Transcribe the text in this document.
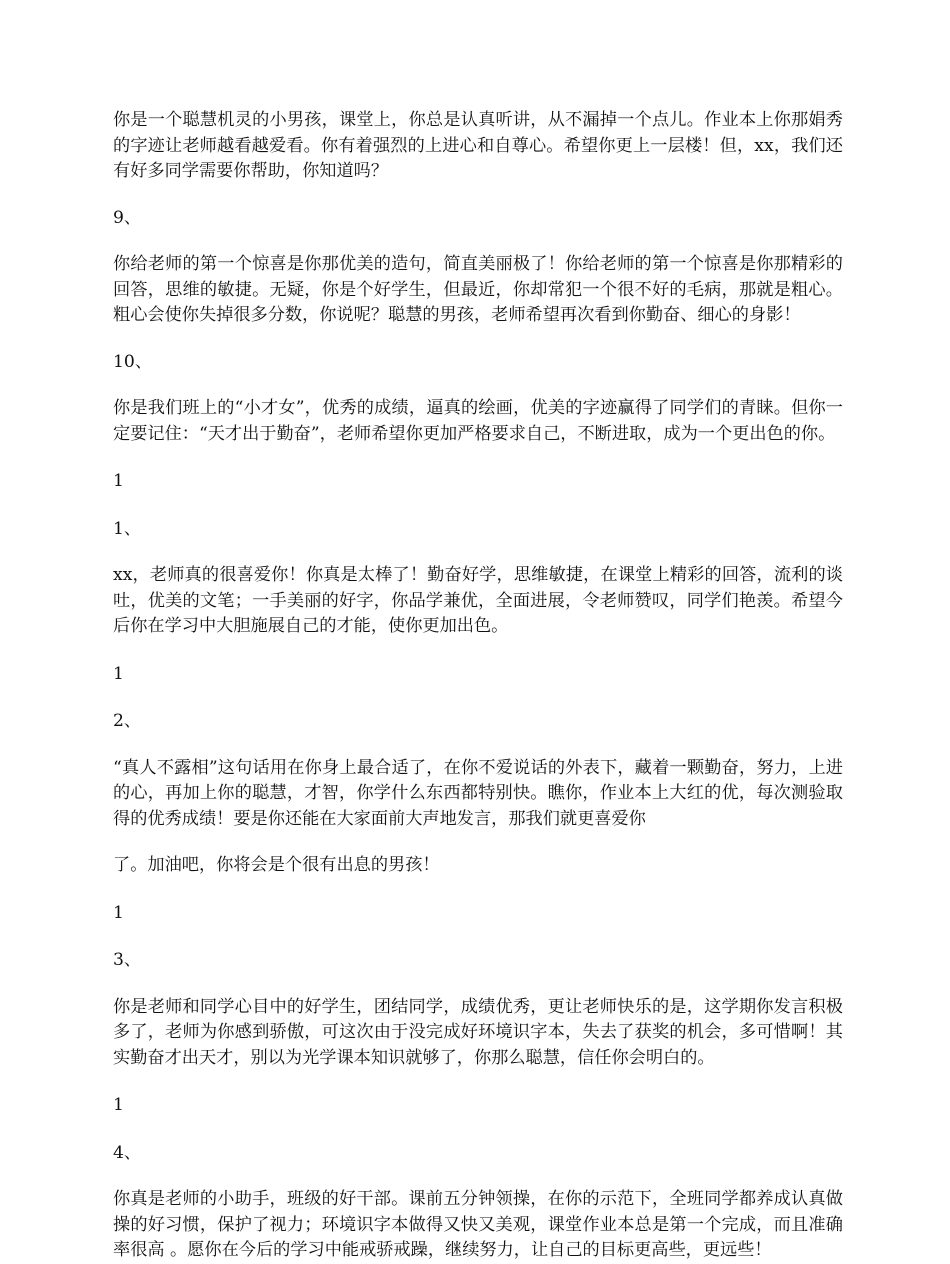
你是一个聪慧机灵的小男孩，课堂上，你总是认真听讲，从不漏掉一个点儿。作业本上你那娟秀的字迹让老师越看越爱看。你有着强烈的上进心和自尊心。希望你更上一层楼！但，xx，我们还有好多同学需要你帮助，你知道吗？

9、

你给老师的第一个惊喜是你那优美的造句，简直美丽极了！你给老师的第一个惊喜是你那精彩的回答，思维的敏捷。无疑，你是个好学生，但最近，你却常犯一个很不好的毛病，那就是粗心。粗心会使你失掉很多分数，你说呢？聪慧的男孩，老师希望再次看到你勤奋、细心的身影！

10、

你是我们班上的“小才女”，优秀的成绩，逼真的绘画，优美的字迹赢得了同学们的青睐。但你一定要记住：“天才出于勤奋”，老师希望你更加严格要求自己，不断进取，成为一个更出色的你。

1

1、

xx，老师真的很喜爱你！你真是太棒了！勤奋好学，思维敏捷，在课堂上精彩的回答，流利的谈吐，优美的文笔；一手美丽的好字，你品学兼优，全面进展，令老师赞叹，同学们艳羡。希望今后你在学习中大胆施展自己的才能，使你更加出色。

1

2、

“真人不露相”这句话用在你身上最合适了，在你不爱说话的外表下，藏着一颗勤奋，努力，上进的心，再加上你的聪慧，才智，你学什么东西都特别快。瞧你，作业本上大红的优，每次测验取得的优秀成绩！要是你还能在大家面前大声地发言，那我们就更喜爱你

了。加油吧，你将会是个很有出息的男孩！

1

3、

你是老师和同学心目中的好学生，团结同学，成绩优秀，更让老师快乐的是，这学期你发言积极多了，老师为你感到骄傲，可这次由于没完成好环境识字本，失去了获奖的机会，多可惜啊！其实勤奋才出天才，别以为光学课本知识就够了，你那么聪慧，信任你会明白的。

1

4、

你真是老师的小助手，班级的好干部。课前五分钟领操，在你的示范下，全班同学都养成认真做操的好习惯，保护了视力；环境识字本做得又快又美观，课堂作业本总是第一个完成，而且准确率很高 。愿你在今后的学习中能戒骄戒躁，继续努力，让自己的目标更高些，更远些！
